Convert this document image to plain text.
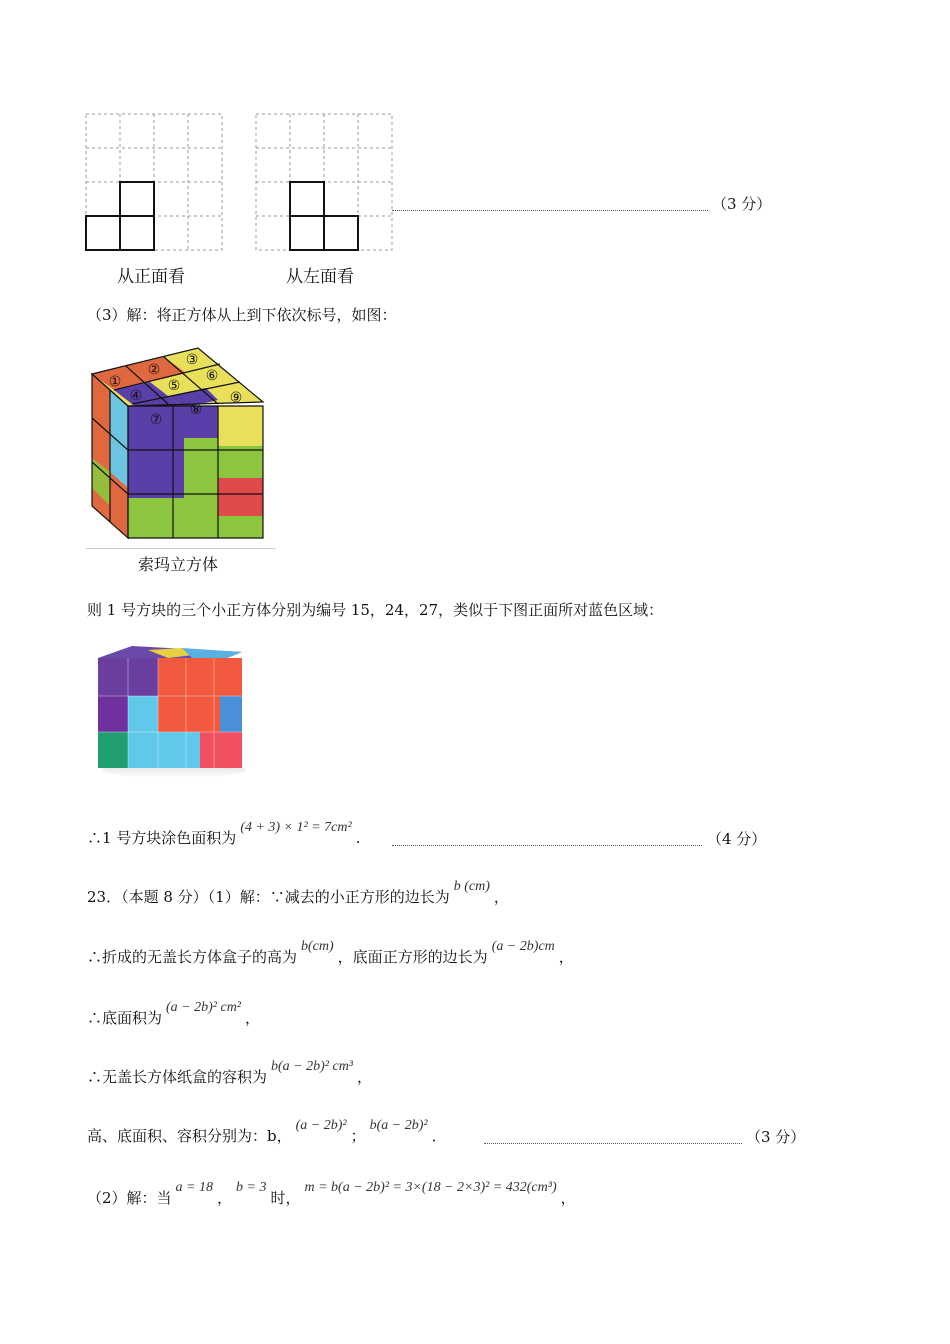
从正面看	从左面看
（3 分）
（3）解：将正方体从上到下依次标号，如图：
①
②
③
④
⑤
⑥
⑦
⑧
⑨
索玛立方体
则 1 号方块的三个小正方体分别为编号 15，24，27，类似于下图正面所对蓝色区域：
∴1 号方块涂色面积为(4 + 3) × 1² = 7cm².	（4 分）
23．（本题 8 分）（1）解：∵减去的小正方形的边长为b (cm)，
∴折成的无盖长方体盒子的高为b(cm)，底面正方形的边长为(a − 2b)cm，
∴底面积为(a − 2b)² cm²，
∴无盖长方体纸盒的容积为b(a − 2b)² cm³，
高、底面积、容积分别为：b，(a − 2b)²；b(a − 2b)²．	（3 分）
（2）解：当a = 18，b = 3时，m = b(a − 2b)² = 3×(18 − 2×3)² = 432(cm³)，
